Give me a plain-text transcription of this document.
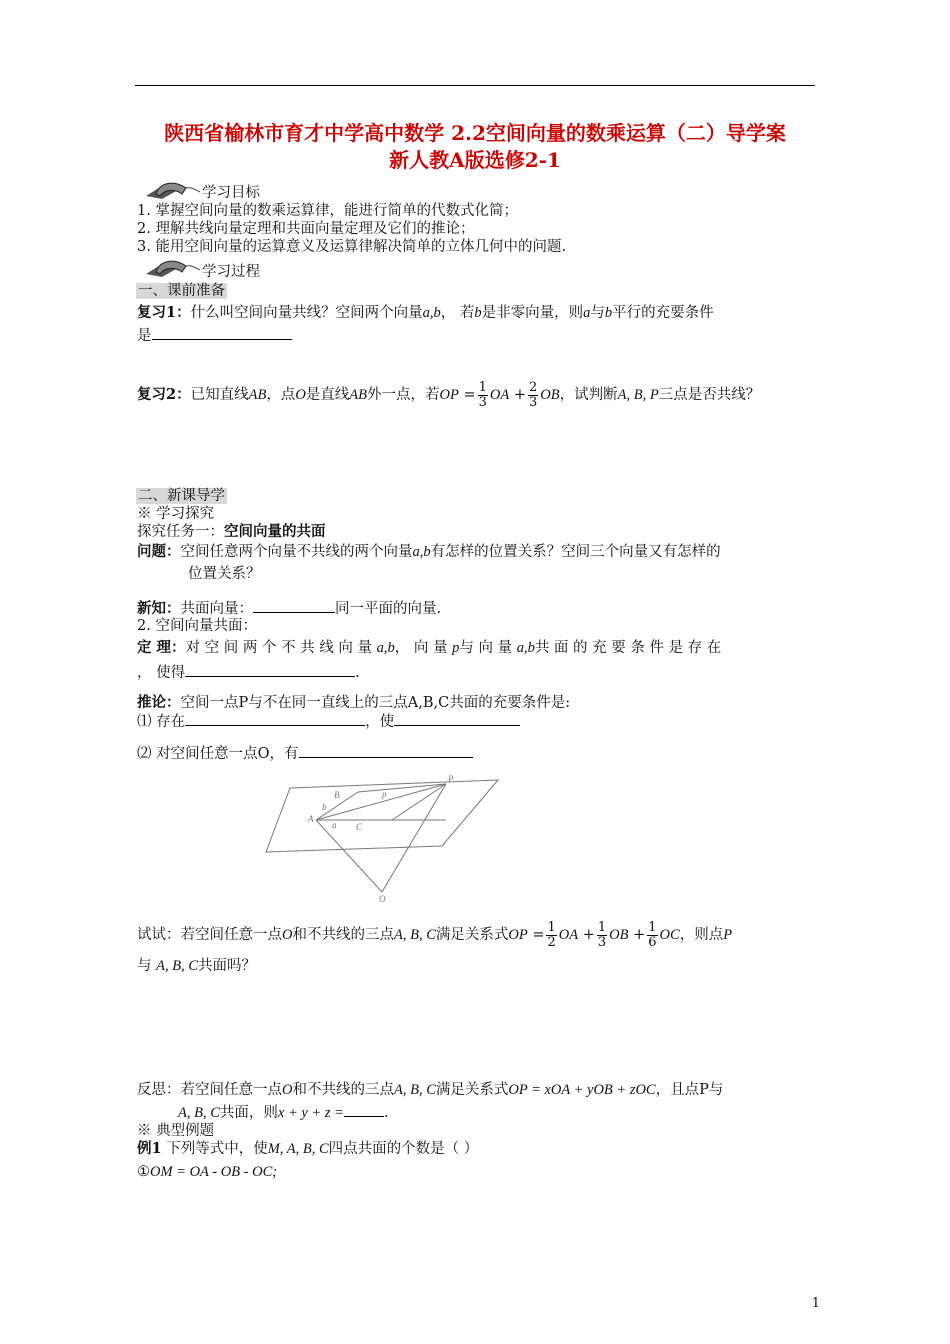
陕西省榆林市育才中学高中数学 2.2空间向量的数乘运算（二）导学案
新人教A版选修2-1
学习目标
1. 掌握空间向量的数乘运算律，能进行简单的代数式化简；
2. 理解共线向量定理和共面向量定理及它们的推论；
3. 能用空间向量的运算意义及运算律解决简单的立体几何中的问题.
学习过程
一、课前准备
复习1：什么叫空间向量共线？空间两个向量a,b， 若b是非零向量，则a与b平行的充要条件
是
复习2：已知直线AB，点O是直线AB外一点，若OP = $\frac{1}{3}$ OA + $\frac{2}{3}$ OB，试判断A, B, P三点是否共线？
二、新课导学
※ 学习探究
探究任务一：空间向量的共面
问题：空间任意两个向量不共线的两个向量a,b有怎样的位置关系？空间三个向量又有怎样的
位置关系？
新知：共面向量：	同一平面的向量.
2. 空间向量共面：
定 理：对 空 间 两 个 不 共 线 向 量 a,b， 向 量 p与 向 量 a,b共 面 的 充 要 条 件 是 存 在
， 使得	.
推论：空间一点P与不在同一直线上的三点A,B,C共面的充要条件是:
⑴ 存在	，使
⑵ 对空间任意一点O，有
P
B	p
b
A
a C
O
试试：若空间任意一点O和不共线的三点A, B, C满足关系式OP = $\frac{1}{2}$ OA + $\frac{1}{3}$ OB + $\frac{1}{6}$ OC，则点P
与 A, B, C共面吗？
反思：若空间任意一点O和不共线的三点A, B, C满足关系式OP = xOA + yOB + zOC，且点P与
A, B, C共面，则x + y + z =	.
※ 典型例题
例1 下列等式中，使M, A, B, C四点共面的个数是（ ）
①OM = OA - OB - OC;
1
